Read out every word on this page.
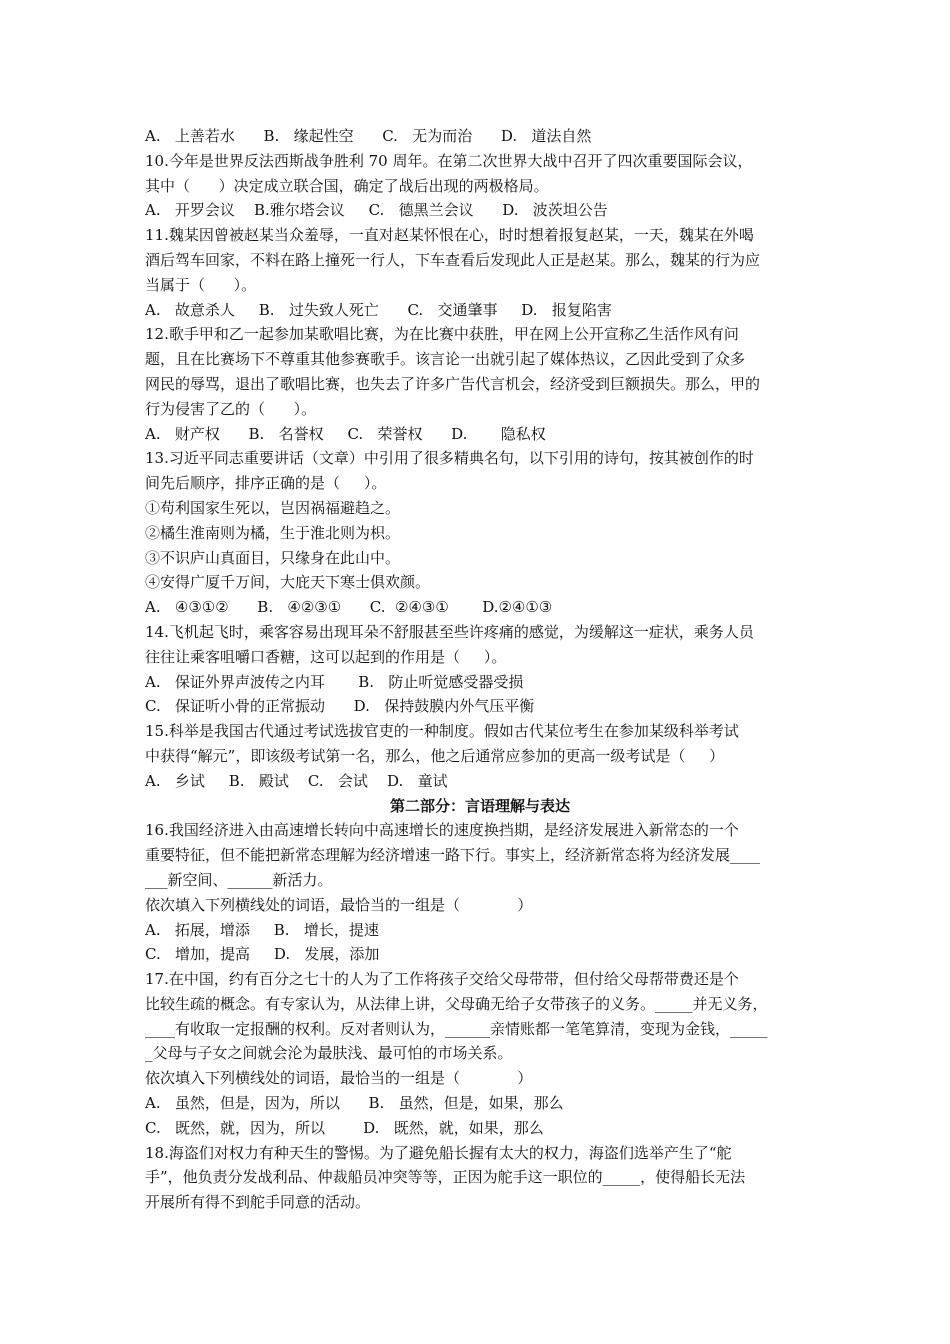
A.   上善若水      B.   缘起性空      C.   无为而治      D.   道法自然
10.今年是世界反法西斯战争胜利 70 周年。在第二次世界大战中召开了四次重要国际会议，
其中（      ）决定成立联合国，确定了战后出现的两极格局。
A.   开罗会议    B.雅尔塔会议     C.   德黑兰会议      D.   波茨坦公告
11.魏某因曾被赵某当众羞辱，一直对赵某怀恨在心，时时想着报复赵某，一天，魏某在外喝
酒后驾车回家，不料在路上撞死一行人，下车查看后发现此人正是赵某。那么，魏某的行为应
当属于（      ）。
A.   故意杀人     B.   过失致人死亡      C.   交通肇事     D.   报复陷害
12.歌手甲和乙一起参加某歌唱比赛，为在比赛中获胜，甲在网上公开宣称乙生活作风有问
题，且在比赛场下不尊重其他参赛歌手。该言论一出就引起了媒体热议，乙因此受到了众多
网民的辱骂，退出了歌唱比赛，也失去了许多广告代言机会，经济受到巨额损失。那么，甲的
行为侵害了乙的（      ）。
A.   财产权      B.   名誉权     C.   荣誉权      D.       隐私权
13.习近平同志重要讲话（文章）中引用了很多精典名句，以下引用的诗句，按其被创作的时
间先后顺序，排序正确的是（     ）。
①苟利国家生死以，岂因祸福避趋之。
②橘生淮南则为橘，生于淮北则为枳。
③不识庐山真面目，只缘身在此山中。
④安得广厦千万间，大庇天下寒士俱欢颜。
A.   ④③①②      B.   ④②③①      C.  ②④③①       D.②④①③
14.飞机起飞时，乘客容易出现耳朵不舒服甚至些许疼痛的感觉，为缓解这一症状，乘务人员
往往让乘客咀嚼口香糖，这可以起到的作用是（     ）。
A.   保证外界声波传之内耳       B.   防止听觉感受器受损
C.   保证听小骨的正常振动      D.   保持鼓膜内外气压平衡
15.科举是我国古代通过考试选拔官吏的一种制度。假如古代某位考生在参加某级科举考试
中获得“解元”，即该级考试第一名，那么，他之后通常应参加的更高一级考试是（     ）
A.   乡试     B.   殿试    C.   会试    D.   童试
第二部分：言语理解与表达
16.我国经济进入由高速增长转向中高速增长的速度换挡期，是经济发展进入新常态的一个
重要特征，但不能把新常态理解为经济增速一路下行。事实上，经济新常态将为经济发展____
___新空间、______新活力。
依次填入下列横线处的词语，最恰当的一组是（            ）
A.   拓展，增添     B.   增长，提速
C.   增加，提高     D.   发展，添加
17.在中国，约有百分之七十的人为了工作将孩子交给父母带带，但付给父母帮带费还是个
比较生疏的概念。有专家认为，从法律上讲，父母确无给子女带孩子的义务。_____并无义务，
____有收取一定报酬的权利。反对者则认为，______亲情账都一笔笔算清，变现为金钱，_____
_父母与子女之间就会沦为最肤浅、最可怕的市场关系。
依次填入下列横线处的词语，最恰当的一组是（            ）
A.   虽然，但是，因为，所以      B.   虽然，但是，如果，那么
C.   既然，就，因为，所以        D.   既然，就，如果，那么
18.海盗们对权力有种天生的警惕。为了避免船长握有太大的权力，海盗们选举产生了“舵
手”，他负责分发战利品、仲裁船员冲突等等，正因为舵手这一职位的_____，使得船长无法
开展所有得不到舵手同意的活动。
